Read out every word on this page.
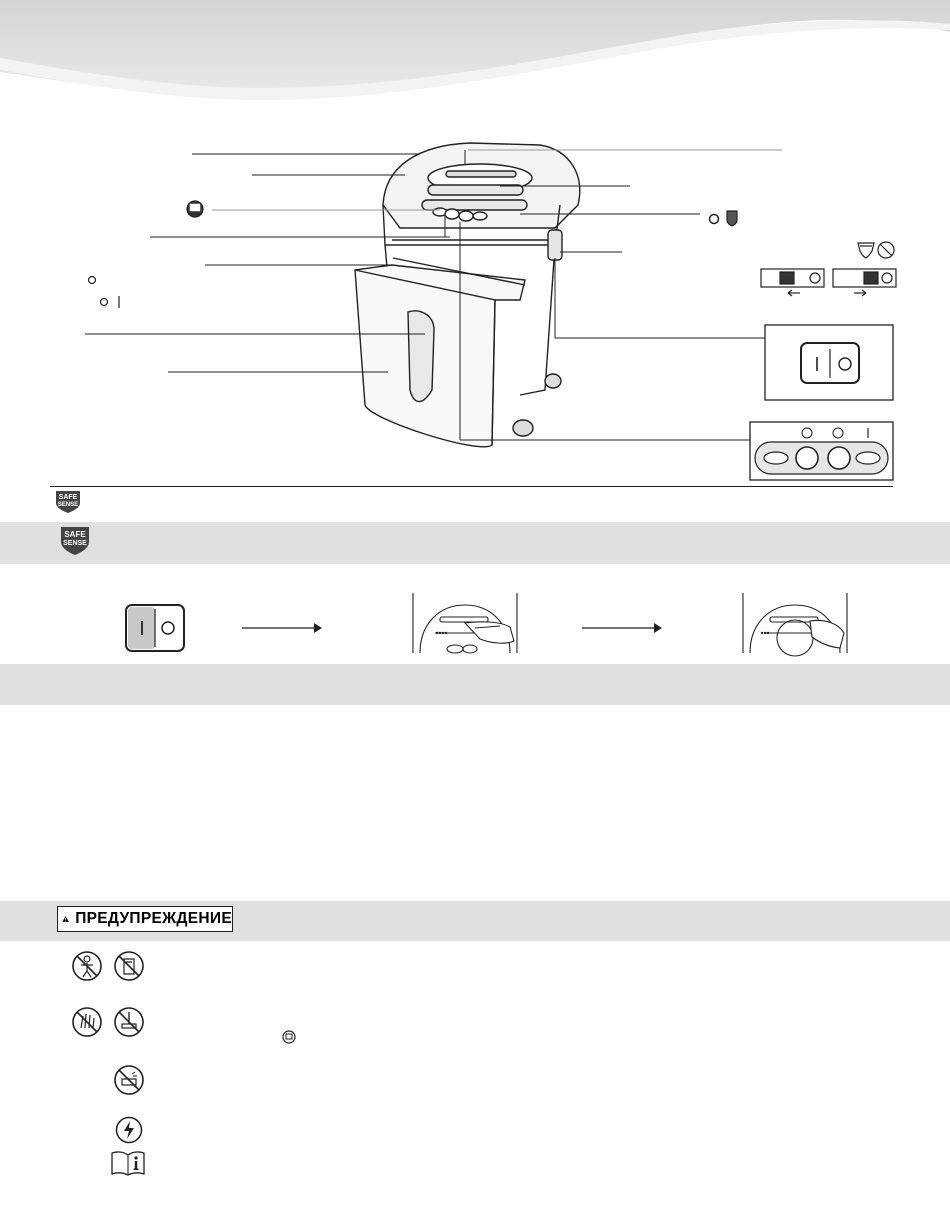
SAFE
SENSE
SAFE
SENSE
ПРЕДУПРЕЖДЕНИЕ
